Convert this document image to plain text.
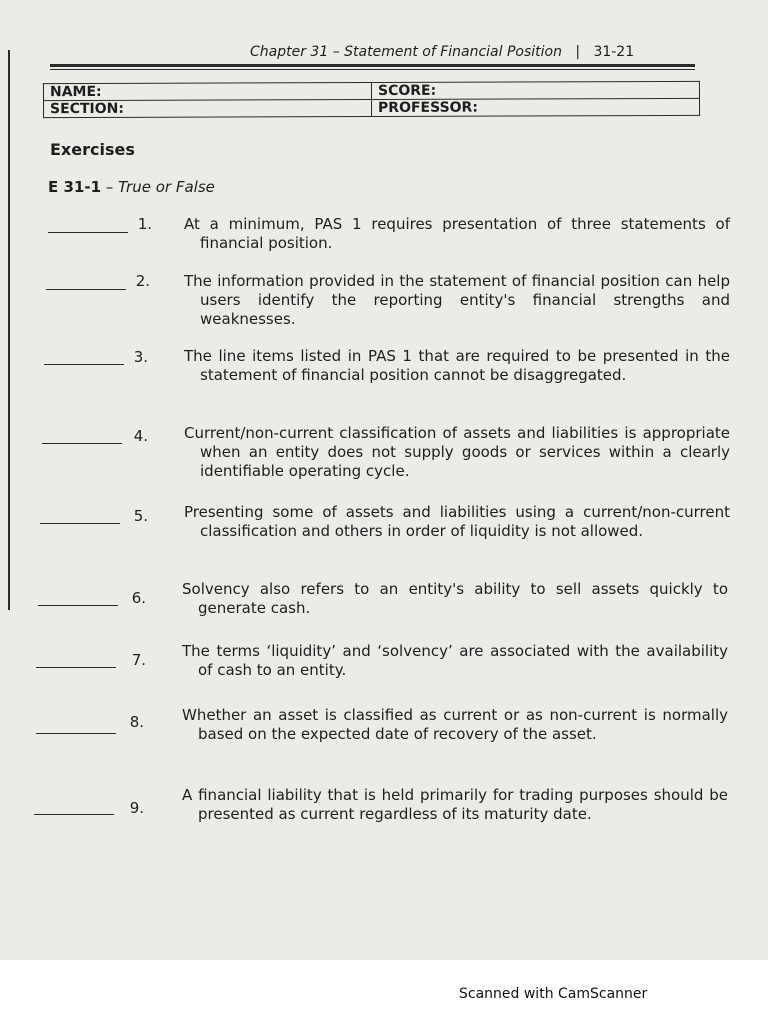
Chapter 31 – Statement of Financial Position   |   31-21
NAME:	SCORE:
SECTION:	PROFESSOR:
Exercises
E 31-1 – True or False
1. At a minimum, PAS 1 requires presentation of three statements of financial position.
2. The information provided in the statement of financial position can help users identify the reporting entity's financial strengths and weaknesses.
3. The line items listed in PAS 1 that are required to be presented in the statement of financial position cannot be disaggregated.
4. Current/non-current classification of assets and liabilities is appropriate when an entity does not supply goods or services within a clearly identifiable operating cycle.
5. Presenting some of assets and liabilities using a current/non-current classification and others in order of liquidity is not allowed.
6. Solvency also refers to an entity's ability to sell assets quickly to generate cash.
7. The terms ‘liquidity’ and ‘solvency’ are associated with the availability of cash to an entity.
8.	Whether an asset is classified as current or as non-current is normally based on the expected date of recovery of the asset.
9.
A financial liability that is held primarily for trading purposes should be presented as current regardless of its maturity date.
Scanned with CamScanner
